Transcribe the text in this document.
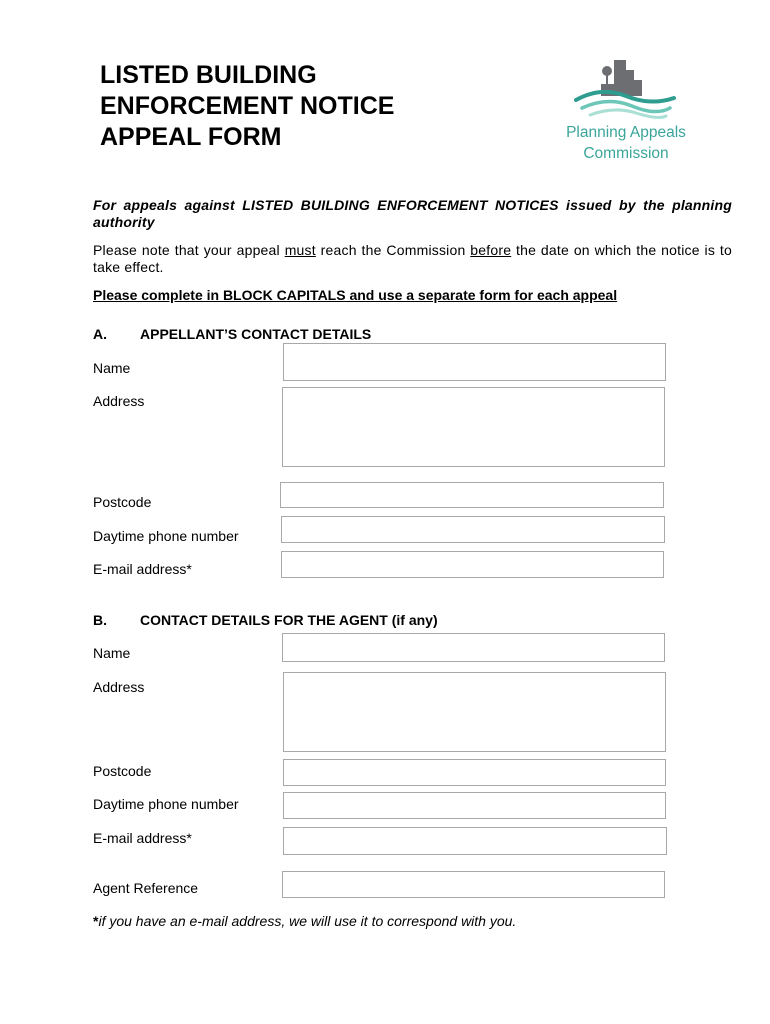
LISTED BUILDING
ENFORCEMENT NOTICE
APPEAL FORM	Planning Appeals
Commission
For appeals against LISTED BUILDING ENFORCEMENT NOTICES issued by the planning authority
Please note that your appeal must reach the Commission before the date on which the notice is to take effect.
Please complete in BLOCK CAPITALS and use a separate form for each appeal
A. APPELLANT’S CONTACT DETAILS
Name
Address
Postcode
Daytime phone number
E-mail address*
B. CONTACT DETAILS FOR THE AGENT (if any)
Name
Address
Postcode
Daytime phone number
E-mail address*
Agent Reference
*if you have an e-mail address, we will use it to correspond with you.
